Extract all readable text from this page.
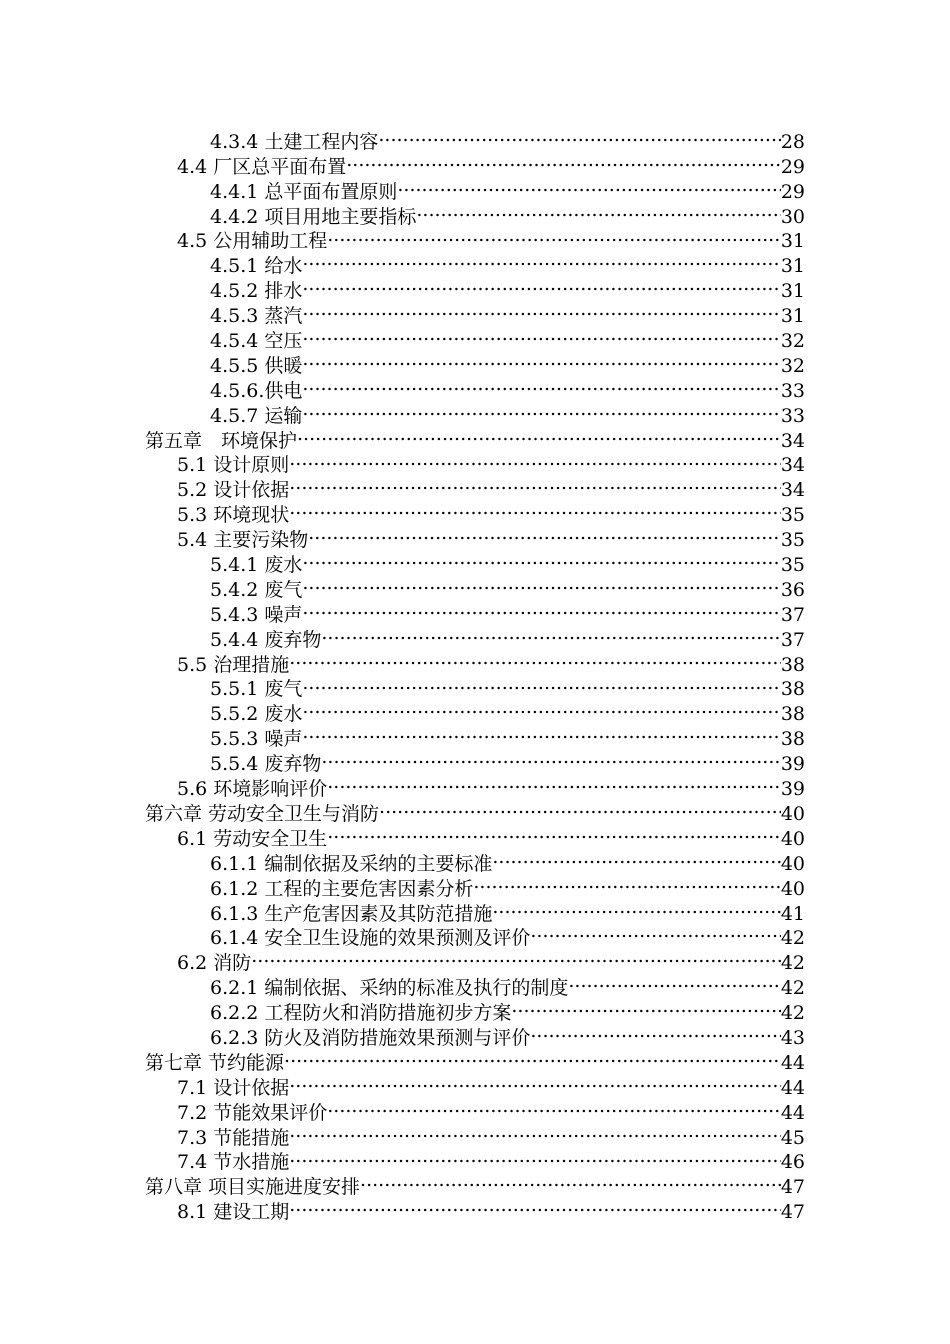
4.3.4 土建工程内容 .....	28
4.4 厂区总平面布置 .....	29
4.4.1 总平面布置原则 .....	29
4.4.2 项目用地主要指标 .....	30
4.5 公用辅助工程 .....	31
4.5.1 给水 .....	31
4.5.2 排水 .....	31
4.5.3 蒸汽 .....	31
4.5.4 空压 .....	32
4.5.5 供暖 .....	32
4.5.6.供电 .....	33
4.5.7 运输 .....	33
第五章　环境保护 .....	34
5.1 设计原则 .....	34
5.2 设计依据 .....	34
5.3 环境现状 .....	35
5.4 主要污染物 .....	35
5.4.1 废水 .....	35
5.4.2 废气 .....	36
5.4.3 噪声 .....	37
5.4.4 废弃物 .....	37
5.5 治理措施 .....	38
5.5.1 废气 .....	38
5.5.2 废水 .....	38
5.5.3 噪声 .....	38
5.5.4 废弃物 .....	39
5.6 环境影响评价 .....	39
第六章 劳动安全卫生与消防 .....	40
6.1 劳动安全卫生 .....	40
6.1.1 编制依据及采纳的主要标准 .....	40
6.1.2 工程的主要危害因素分析 .....	40
6.1.3 生产危害因素及其防范措施 .....	41
6.1.4 安全卫生设施的效果预测及评价 .....	42
6.2 消防 .....	42
6.2.1 编制依据、采纳的标准及执行的制度 .....	42
6.2.2 工程防火和消防措施初步方案 .....	42
6.2.3 防火及消防措施效果预测与评价 .....	43
第七章 节约能源 .....	44
7.1 设计依据 .....	44
7.2 节能效果评价 .....	44
7.3 节能措施 .....	45
7.4 节水措施 .....	46
第八章 项目实施进度安排 .....	47
8.1 建设工期 .....	47
